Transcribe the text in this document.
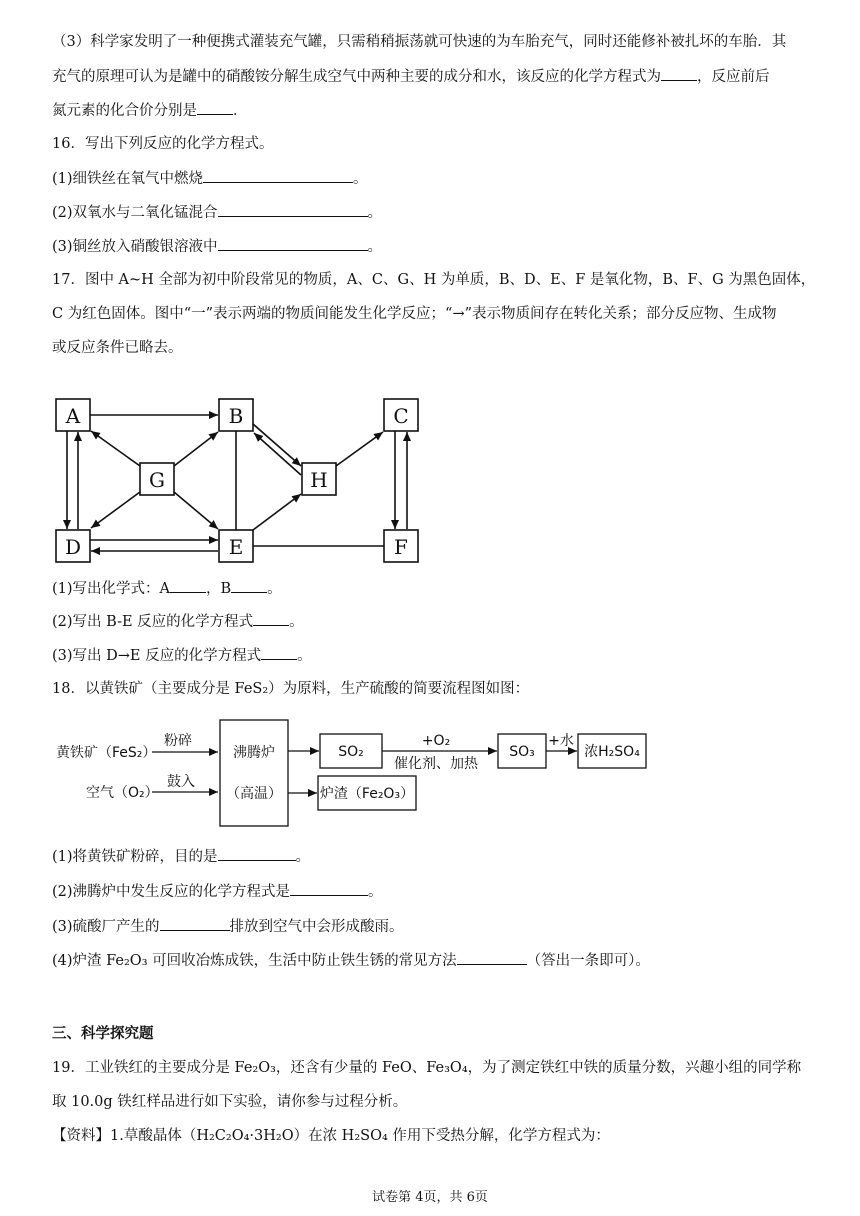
（3）科学家发明了一种便携式灌装充气罐，只需稍稍振荡就可快速的为车胎充气，同时还能修补被扎坏的车胎．其
充气的原理可认为是罐中的硝酸铵分解生成空气中两种主要的成分和水，该反应的化学方程式为 ，反应前后
氮元素的化合价分别是 ．
16．写出下列反应的化学方程式。
(1)细铁丝在氧气中燃烧	。
(2)双氧水与二氧化锰混合	。
(3)铜丝放入硝酸银溶液中	。
17．图中 A~H 全部为初中阶段常见的物质，A、C、G、H 为单质，B、D、E、F 是氧化物，B、F、G 为黑色固体，
C 为红色固体。图中“一”表示两端的物质间能发生化学反应；“→”表示物质间存在转化关系；部分反应物、生成物
或反应条件已略去。
A	B	C
G	H
D	E	F
黄铁矿（FeS₂）
粉碎
空气（O₂）
鼓入
沸腾炉
（高温）
SO₂
+O₂
催化剂、加热
SO₃
+水
浓H₂SO₄
炉渣（Fe₂O₃）
(1)写出化学式：A ，B 。
(2)写出 B-E 反应的化学方程式 。
(3)写出 D→E 反应的化学方程式 。
18．以黄铁矿（主要成分是 FeS₂）为原料，生产硫酸的简要流程图如图：
(1)将黄铁矿粉碎，目的是	。
(2)沸腾炉中发生反应的化学方程式是	。
(3)硫酸厂产生的	排放到空气中会形成酸雨。
(4)炉渣 Fe₂O₃ 可回收冶炼成铁，生活中防止铁生锈的常见方法	（答出一条即可）。
三、科学探究题
19．工业铁红的主要成分是 Fe₂O₃，还含有少量的 FeO、Fe₃O₄，为了测定铁红中铁的质量分数，兴趣小组的同学称
取 10.0g 铁红样品进行如下实验，请你参与过程分析。
【资料】1.草酸晶体（H₂C₂O₄·3H₂O）在浓 H₂SO₄ 作用下受热分解，化学方程式为：
试卷第 4页，共 6页
